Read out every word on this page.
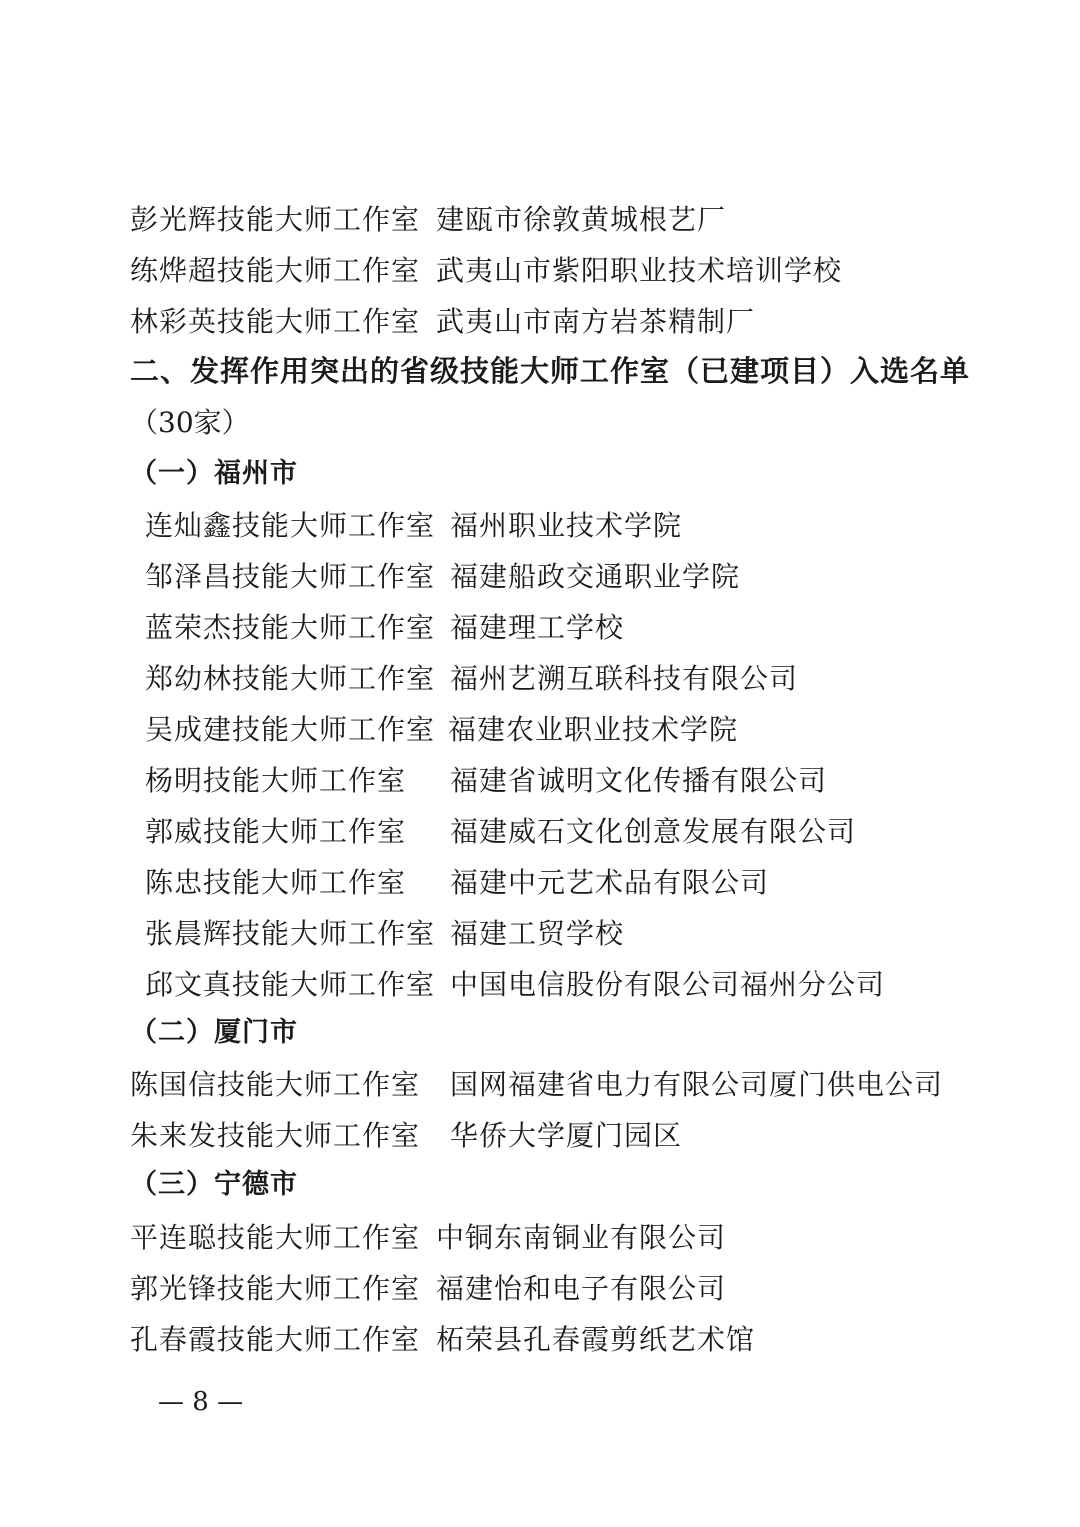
彭光辉技能大师工作室 建瓯市徐敦黄城根艺厂
练烨超技能大师工作室 武夷山市紫阳职业技术培训学校
林彩英技能大师工作室 武夷山市南方岩茶精制厂
二、发挥作用突出的省级技能大师工作室（已建项目）入选名单
（30家）
（一）福州市
连灿鑫技能大师工作室 福州职业技术学院
邹泽昌技能大师工作室 福建船政交通职业学院
蓝荣杰技能大师工作室 福建理工学校
郑幼林技能大师工作室 福州艺溯互联科技有限公司
吴成建技能大师工作室 福建农业职业技术学院
杨明技能大师工作室 福建省诚明文化传播有限公司
郭威技能大师工作室 福建威石文化创意发展有限公司
陈忠技能大师工作室 福建中元艺术品有限公司
张晨辉技能大师工作室 福建工贸学校
邱文真技能大师工作室 中国电信股份有限公司福州分公司
（二）厦门市
陈国信技能大师工作室 国网福建省电力有限公司厦门供电公司
朱来发技能大师工作室 华侨大学厦门园区
（三）宁德市
平连聪技能大师工作室 中铜东南铜业有限公司
郭光锋技能大师工作室 福建怡和电子有限公司
孔春霞技能大师工作室 柘荣县孔春霞剪纸艺术馆
— 8 —
